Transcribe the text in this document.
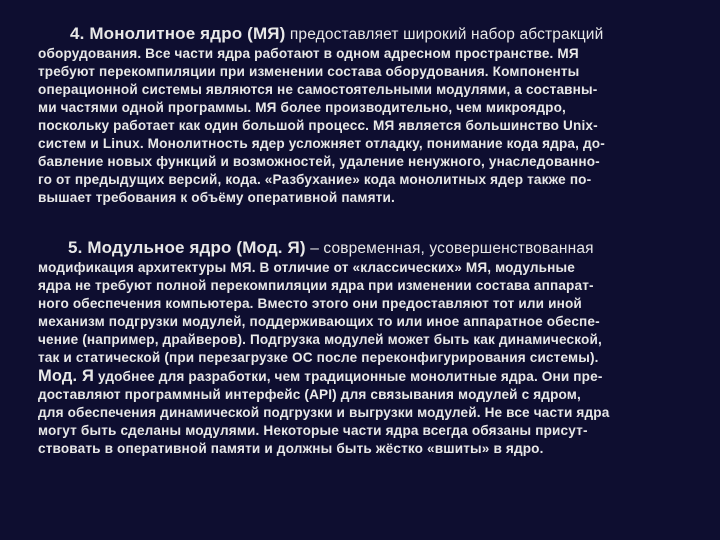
4. Монолитное ядро (МЯ) предоставляет широкий набор абстракций
оборудования. Все части ядра работают в одном адресном пространстве. МЯ
требуют перекомпиляции при изменении состава оборудования. Компоненты
операционной системы являются не самостоятельными модулями, а составны-
ми частями одной программы. МЯ более производительно, чем микроядро,
поскольку работает как один большой процесс. МЯ является большинство Unix-
систем и Linux. Монолитность ядер усложняет отладку, понимание кода ядра, до-
бавление новых функций и возможностей, удаление ненужного, унаследованно-
го от предыдущих версий, кода. «Разбухание» кода монолитных ядер также по-
вышает требования к объёму оперативной памяти.
5. Модульное ядро (Мод. Я) – современная, усовершенствованная
модификация архитектуры МЯ. В отличие от «классических» МЯ, модульные
ядра не требуют полной перекомпиляции ядра при изменении состава аппарат-
ного обеспечения компьютера. Вместо этого они предоставляют тот или иной
механизм подгрузки модулей, поддерживающих то или иное аппаратное обеспе-
чение (например, драйверов). Подгрузка модулей может быть как динамической,
так и статической (при перезагрузке ОС после переконфигурирования системы).
Мод. Я удобнее для разработки, чем традиционные монолитные ядра. Они пре-
доставляют программный интерфейс (API) для связывания модулей с ядром,
для обеспечения динамической подгрузки и выгрузки модулей. Не все части ядра
могут быть сделаны модулями. Некоторые части ядра всегда обязаны присут-
ствовать в оперативной памяти и должны быть жёстко «вшиты» в ядро.
